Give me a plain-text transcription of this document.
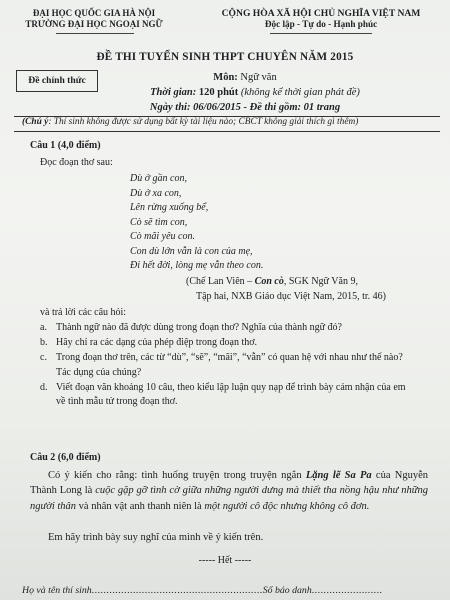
ĐẠI HỌC QUỐC GIA HÀ NỘI
TRƯỜNG ĐẠI HỌC NGOẠI NGỮ
CỘNG HÒA XÃ HỘI CHỦ NGHĨA VIỆT NAM
Độc lập - Tự do - Hạnh phúc
ĐỀ THI TUYỂN SINH THPT CHUYÊN NĂM 2015
Đề chính thức	Môn: Ngữ văn
Thời gian: 120 phút (không kể thời gian phát đề)
Ngày thi: 06/06/2015 - Đề thi gồm: 01 trang
(Chú ý: Thí sinh không được sử dụng bất kỳ tài liệu nào; CBCT không giải thích gì thêm)
Câu 1 (4,0 điểm)
Đọc đoạn thơ sau:
Dù ở gần con,
Dù ở xa con,
Lên rừng xuống bể,
Cò sẽ tìm con,
Cò mãi yêu con.
Con dù lớn vẫn là con của mẹ,
Đi hết đời, lòng mẹ vẫn theo con.
(Chế Lan Viên – Con cò, SGK Ngữ Văn 9,
Tập hai, NXB Giáo dục Việt Nam, 2015, tr. 46)
và trả lời các câu hỏi:
a. Thành ngữ nào đã được dùng trong đoạn thơ? Nghĩa của thành ngữ đó?
b. Hãy chỉ ra các dạng của phép điệp trong đoạn thơ.
c. Trong đoạn thơ trên, các từ “dù”, “sẽ”, “mãi”, “vẫn” có quan hệ với nhau như thế nào? Tác dụng của chúng?
d. Viết đoạn văn khoảng 10 câu, theo kiểu lập luận quy nạp để trình bày cảm nhận của em về tình mẫu tử trong đoạn thơ.
Câu 2 (6,0 điểm)
Có ý kiến cho rằng: tình huống truyện trong truyện ngắn Lặng lẽ Sa Pa của Nguyễn Thành Long là cuộc gặp gỡ tình cờ giữa những người dưng mà thiết tha nồng hậu như những người thân và nhân vật anh thanh niên là một người cô độc nhưng không cô đơn.
Em hãy trình bày suy nghĩ của mình về ý kiến trên.
----- Hết -----
Họ và tên thí sinh..........................................................Số báo danh........................
